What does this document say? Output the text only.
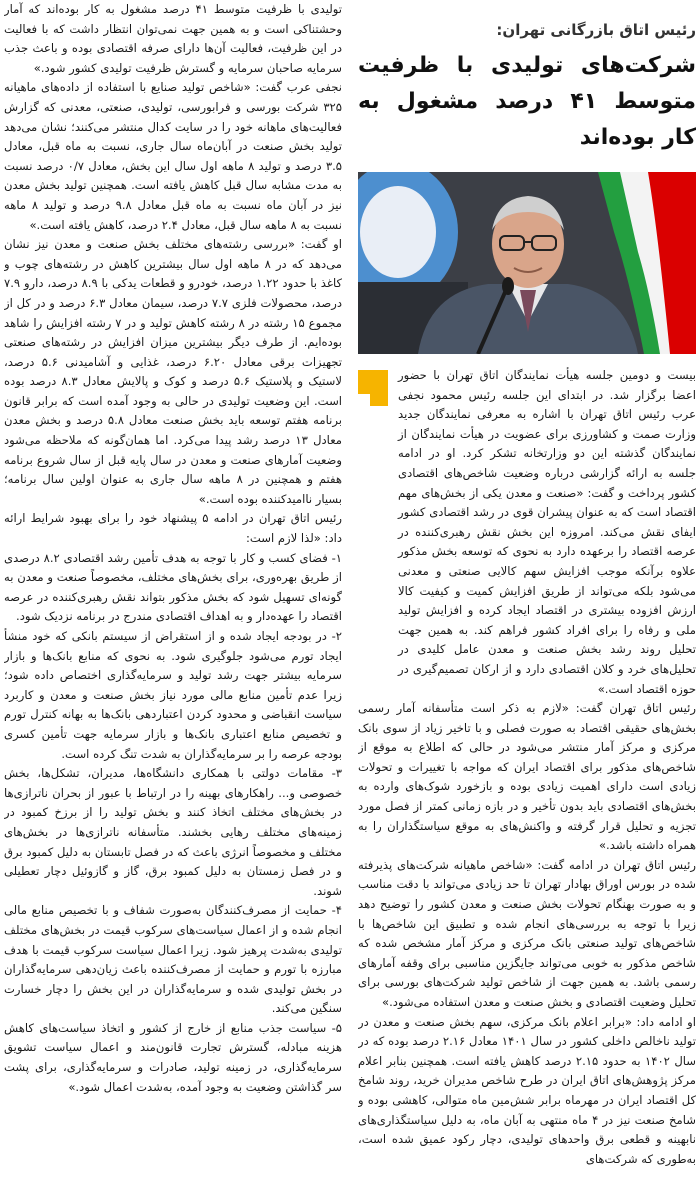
رئیس اتاق بازرگانی تهران:
شرکت‌های تولیدی با ظرفیت متوسط ۴۱ درصد مشغول به کار بوده‌اند

بیست و دومین جلسه هیأت نمایندگان اتاق تهران با حضور اعضا برگزار شد. در ابتدای این جلسه رئیس محمود نجفی عرب رئیس اتاق تهران با اشاره به معرفی نمایندگان جدید وزارت صمت و کشاورزی برای عضویت در هیأت نمایندگان از نمایندگان گذشته این دو وزارتخانه تشکر کرد. او در ادامه جلسه به ارائه گزارشی درباره وضعیت شاخص‌های اقتصادی کشور پرداخت و گفت: «صنعت و معدن یکی از بخش‌های مهم اقتصاد است که به عنوان پیشران قوی در رشد اقتصادی کشور ایفای نقش می‌کند. امروزه این بخش نقش رهبری‌کننده در عرصه اقتصاد را برعهده دارد به نحوی که توسعه بخش مذکور علاوه برآنکه موجب افزایش سهم کالایی صنعتی و معدنی می‌شود بلکه می‌تواند از طریق افزایش کمیت و کیفیت کالا ارزش افزوده بیشتری در اقتصاد ایجاد کرده و افزایش تولید ملی و رفاه را برای افراد کشور فراهم کند. به همین جهت تحلیل روند رشد بخش صنعت و معدن عامل کلیدی در تحلیل‌های خرد و کلان اقتصادی دارد و از ارکان تصمیم‌گیری در حوزه اقتصاد است.»

رئیس اتاق تهران گفت: «لازم به ذکر است متأسفانه آمار رسمی بخش‌های حقیقی اقتصاد به صورت فصلی و با تاخیر زیاد از سوی بانک مرکزی و مرکز آمار منتشر می‌شود در حالی که اطلاع به موقع از شاخص‌های مذکور برای اقتصاد ایران که مواجه با تغییرات و تحولات زیادی است دارای اهمیت زیادی بوده و بازخورد شوک‌های وارده به بخش‌های اقتصادی باید بدون تأخیر و در بازه زمانی کمتر از فصل مورد تجزیه و تحلیل قرار گرفته و واکنش‌های به موقع سیاستگذاران را به همراه داشته باشد.»

رئیس اتاق تهران در ادامه گفت: «شاخص ماهیانه شرکت‌های پذیرفته شده در بورس اوراق بهادار تهران تا حد زیادی می‌تواند با دقت مناسب و به صورت بهنگام تحولات بخش صنعت و معدن کشور را توضیح دهد زیرا با توجه به بررسی‌های انجام شده و تطبیق این شاخص‌ها با شاخص‌های تولید صنعتی بانک مرکزی و مرکز آمار مشخص شده که شاخص مذکور به خوبی می‌تواند جایگزین مناسبی برای وقفه آمارهای رسمی باشد. به همین جهت از شاخص تولید شرکت‌های بورسی برای تحلیل وضعیت اقتصادی و بخش صنعت و معدن استفاده می‌شود.»

او ادامه داد: «برابر اعلام بانک مرکزی، سهم بخش صنعت و معدن در تولید ناخالص داخلی کشور در سال ۱۴۰۱ معادل ۲.۱۶ درصد بوده که در سال ۱۴۰۲ به حدود ۲.۱۵ درصد کاهش یافته است. همچنین بنابر اعلام مرکز پژوهش‌های اتاق ایران در طرح شاخص مدیران خرید، روند شامخ کل اقتصاد ایران در مهرماه برابر شش‌مین ماه متوالی، کاهشی بوده و شامخ صنعت نیز در ۴ ماه منتهی به آبان ماه، به دلیل سیاستگذاری‌های نابهینه و قطعی برق واحدهای تولیدی، دچار رکود عمیق شده است، به‌طوری که شرکت‌های

تولیدی با ظرفیت متوسط ۴۱ درصد مشغول به کار بوده‌اند که آمار وحشتناکی است و به همین جهت نمی‌توان انتظار داشت که با فعالیت در این ظرفیت، فعالیت آن‌ها دارای صرفه اقتصادی بوده و باعث جذب سرمایه صاحبان سرمایه و گسترش ظرفیت تولیدی کشور شود.»

نجفی عرب گفت: «شاخص تولید صنایع با استفاده از داده‌های ماهیانه ۳۲۵ شرکت بورسی و فرابورسی، تولیدی، صنعتی، معدنی که گزارش فعالیت‌های ماهانه خود را در سایت کدال منتشر می‌کنند؛ نشان می‌دهد تولید بخش صنعت در آبان‌ماه سال جاری، نسبت به ماه قبل، معادل ۳.۵ درصد و تولید ۸ ماهه اول سال این بخش، معادل ۰/۷ درصد نسبت به مدت مشابه سال قبل کاهش یافته است. همچنین تولید بخش معدن نیز در آبان ماه نسبت به ماه قبل معادل ۹.۸ درصد و تولید ۸ ماهه نسبت به ۸ ماهه سال قبل، معادل ۲.۴ درصد، کاهش یافته است.»

او گفت: «بررسی رشته‌های مختلف بخش صنعت و معدن نیز نشان می‌دهد که در ۸ ماهه اول سال بیشترین کاهش در رشته‌های چوب و کاغذ با حدود ۱.۲۲ درصد، خودرو و قطعات یدکی با ۸.۹ درصد، دارو ۷.۹ درصد، محصولات فلزی ۷.۷ درصد، سیمان معادل ۶.۳ درصد و در کل از مجموع ۱۵ رشته در ۸ رشته کاهش تولید و در ۷ رشته افزایش را شاهد بوده‌ایم. از طرف دیگر بیشترین میزان افزایش در رشته‌های صنعتی تجهیزات برقی معادل ۶.۲۰ درصد، غذایی و آشامیدنی ۵.۶ درصد، لاستیک و پلاستیک ۵.۶ درصد و کوک و پالایش معادل ۸.۳ درصد بوده است. این وضعیت تولیدی در حالی به وجود آمده است که برابر قانون برنامه هفتم توسعه باید بخش صنعت معادل ۵.۸ درصد و بخش معدن معادل ۱۳ درصد رشد پیدا می‌کرد. اما همان‌گونه که ملاحظه می‌شود وضعیت آمارهای صنعت و معدن در سال پایه قبل از سال شروع برنامه هفتم و همچنین در ۸ ماهه سال جاری به عنوان اولین سال برنامه؛ بسیار ناامیدکننده بوده است.»

رئیس اتاق تهران در ادامه ۵ پیشنهاد خود را برای بهبود شرایط ارائه داد: «لذا لازم است:

۱- فضای کسب و کار با توجه به هدف تأمین رشد اقتصادی ۸.۲ درصدی از طریق بهره‌وری، برای بخش‌های مختلف، مخصوصاً صنعت و معدن به گونه‌ای تسهیل شود که بخش مذکور بتواند نقش رهبری‌کننده در عرصه اقتصاد را عهده‌دار و به اهداف اقتصادی مندرج در برنامه نزدیک شود.

۲- در بودجه ایجاد شده و از استقراض از سیستم بانکی که خود منشأ ایجاد تورم می‌شود جلوگیری شود. به نحوی که منابع بانک‌ها و بازار سرمایه بیشتر جهت رشد تولید و سرمایه‌گذاری اختصاص داده شود؛ زیرا عدم تأمین منابع مالی مورد نیاز بخش صنعت و معدن و کاربرد سیاست انقباضی و محدود کردن اعتباردهی بانک‌ها به بهانه کنترل تورم و تخصیص منابع اعتباری بانک‌ها و بازار سرمایه جهت تأمین کسری بودجه عرصه را بر سرمایه‌گذاران به شدت تنگ کرده است.

۳- مقامات دولتی با همکاری دانشگاه‌ها، مدیران، تشکل‌ها، بخش خصوصی و... راهکارهای بهینه را در ارتباط با عبور از بحران ناترازی‌ها در بخش‌های مختلف اتخاذ کنند و بخش تولید را از برزخ کمبود در زمینه‌های مختلف رهایی بخشند. متأسفانه ناترازی‌ها در بخش‌های مختلف و مخصوصاً انرژی باعث که در فصل تابستان به دلیل کمبود برق و در فصل زمستان به دلیل کمبود برق، گاز و گازوئیل دچار تعطیلی شوند.

۴- حمایت از مصرف‌کنندگان به‌صورت شفاف و با تخصیص منابع مالی انجام شده و از اعمال سیاست‌های سرکوب قیمت در بخش‌های مختلف تولیدی به‌شدت پرهیز شود. زیرا اعمال سیاست سرکوب قیمت با هدف مبارزه با تورم و حمایت از مصرف‌کننده باعث زیان‌دهی سرمایه‌گذاران در بخش تولیدی شده و سرمایه‌گذاران در این بخش را دچار خسارت سنگین می‌کند.

۵- سیاست جذب منابع از خارج از کشور و اتخاذ سیاست‌های کاهش هزینه مبادله، گسترش تجارت قانون‌مند و اعمال سیاست تشویق سرمایه‌گذاری، در زمینه تولید، صادرات و سرمایه‌گذاری، برای پشت سر گذاشتن وضعیت به وجود آمده، به‌شدت اعمال شود.»
